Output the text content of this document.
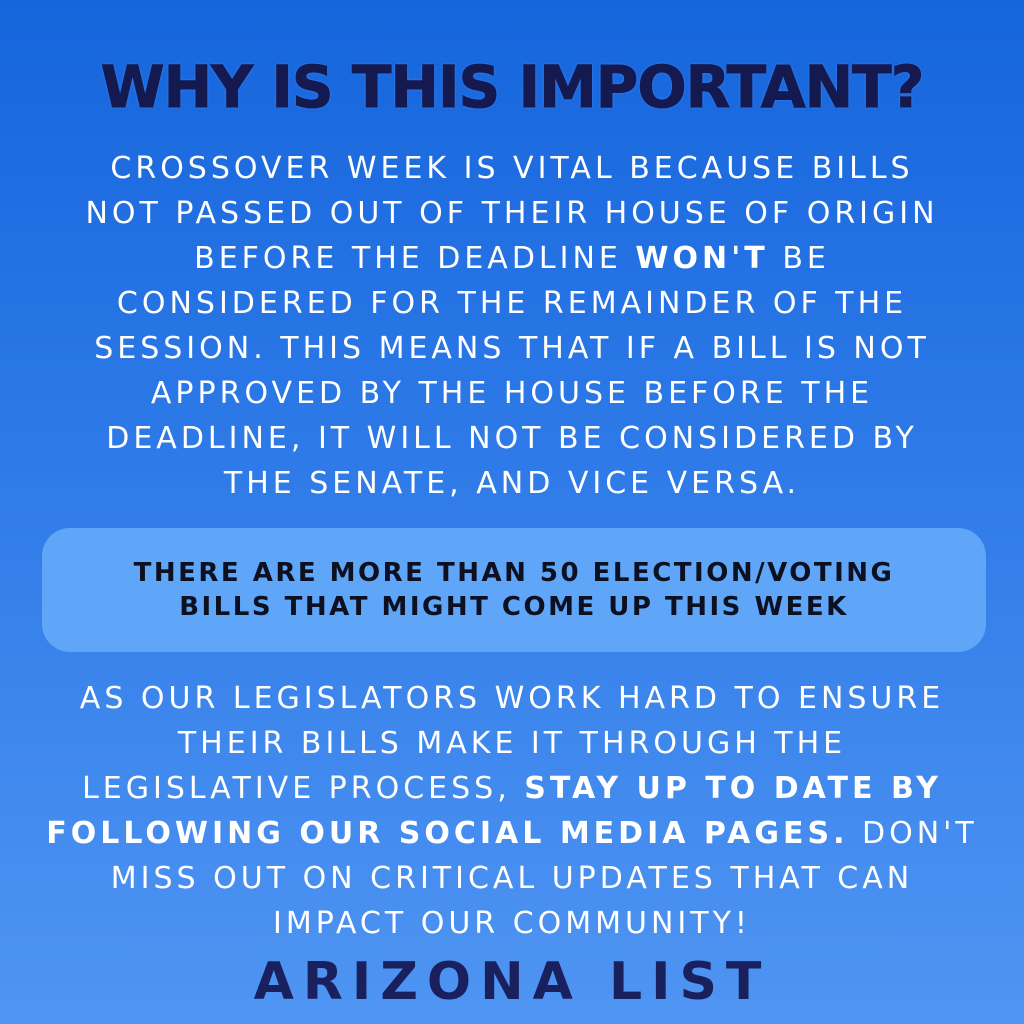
WHY IS THIS IMPORTANT?

CROSSOVER WEEK IS VITAL BECAUSE BILLS
NOT PASSED OUT OF THEIR HOUSE OF ORIGIN
BEFORE THE DEADLINE WON'T BE
CONSIDERED FOR THE REMAINDER OF THE
SESSION. THIS MEANS THAT IF A BILL IS NOT
APPROVED BY THE HOUSE BEFORE THE
DEADLINE, IT WILL NOT BE CONSIDERED BY
THE SENATE, AND VICE VERSA.

THERE ARE MORE THAN 50 ELECTION/VOTING
BILLS THAT MIGHT COME UP THIS WEEK

AS OUR LEGISLATORS WORK HARD TO ENSURE
THEIR BILLS MAKE IT THROUGH THE
LEGISLATIVE PROCESS, STAY UP TO DATE BY
FOLLOWING OUR SOCIAL MEDIA PAGES. DON'T
MISS OUT ON CRITICAL UPDATES THAT CAN
IMPACT OUR COMMUNITY!

ARIZONA LIST
